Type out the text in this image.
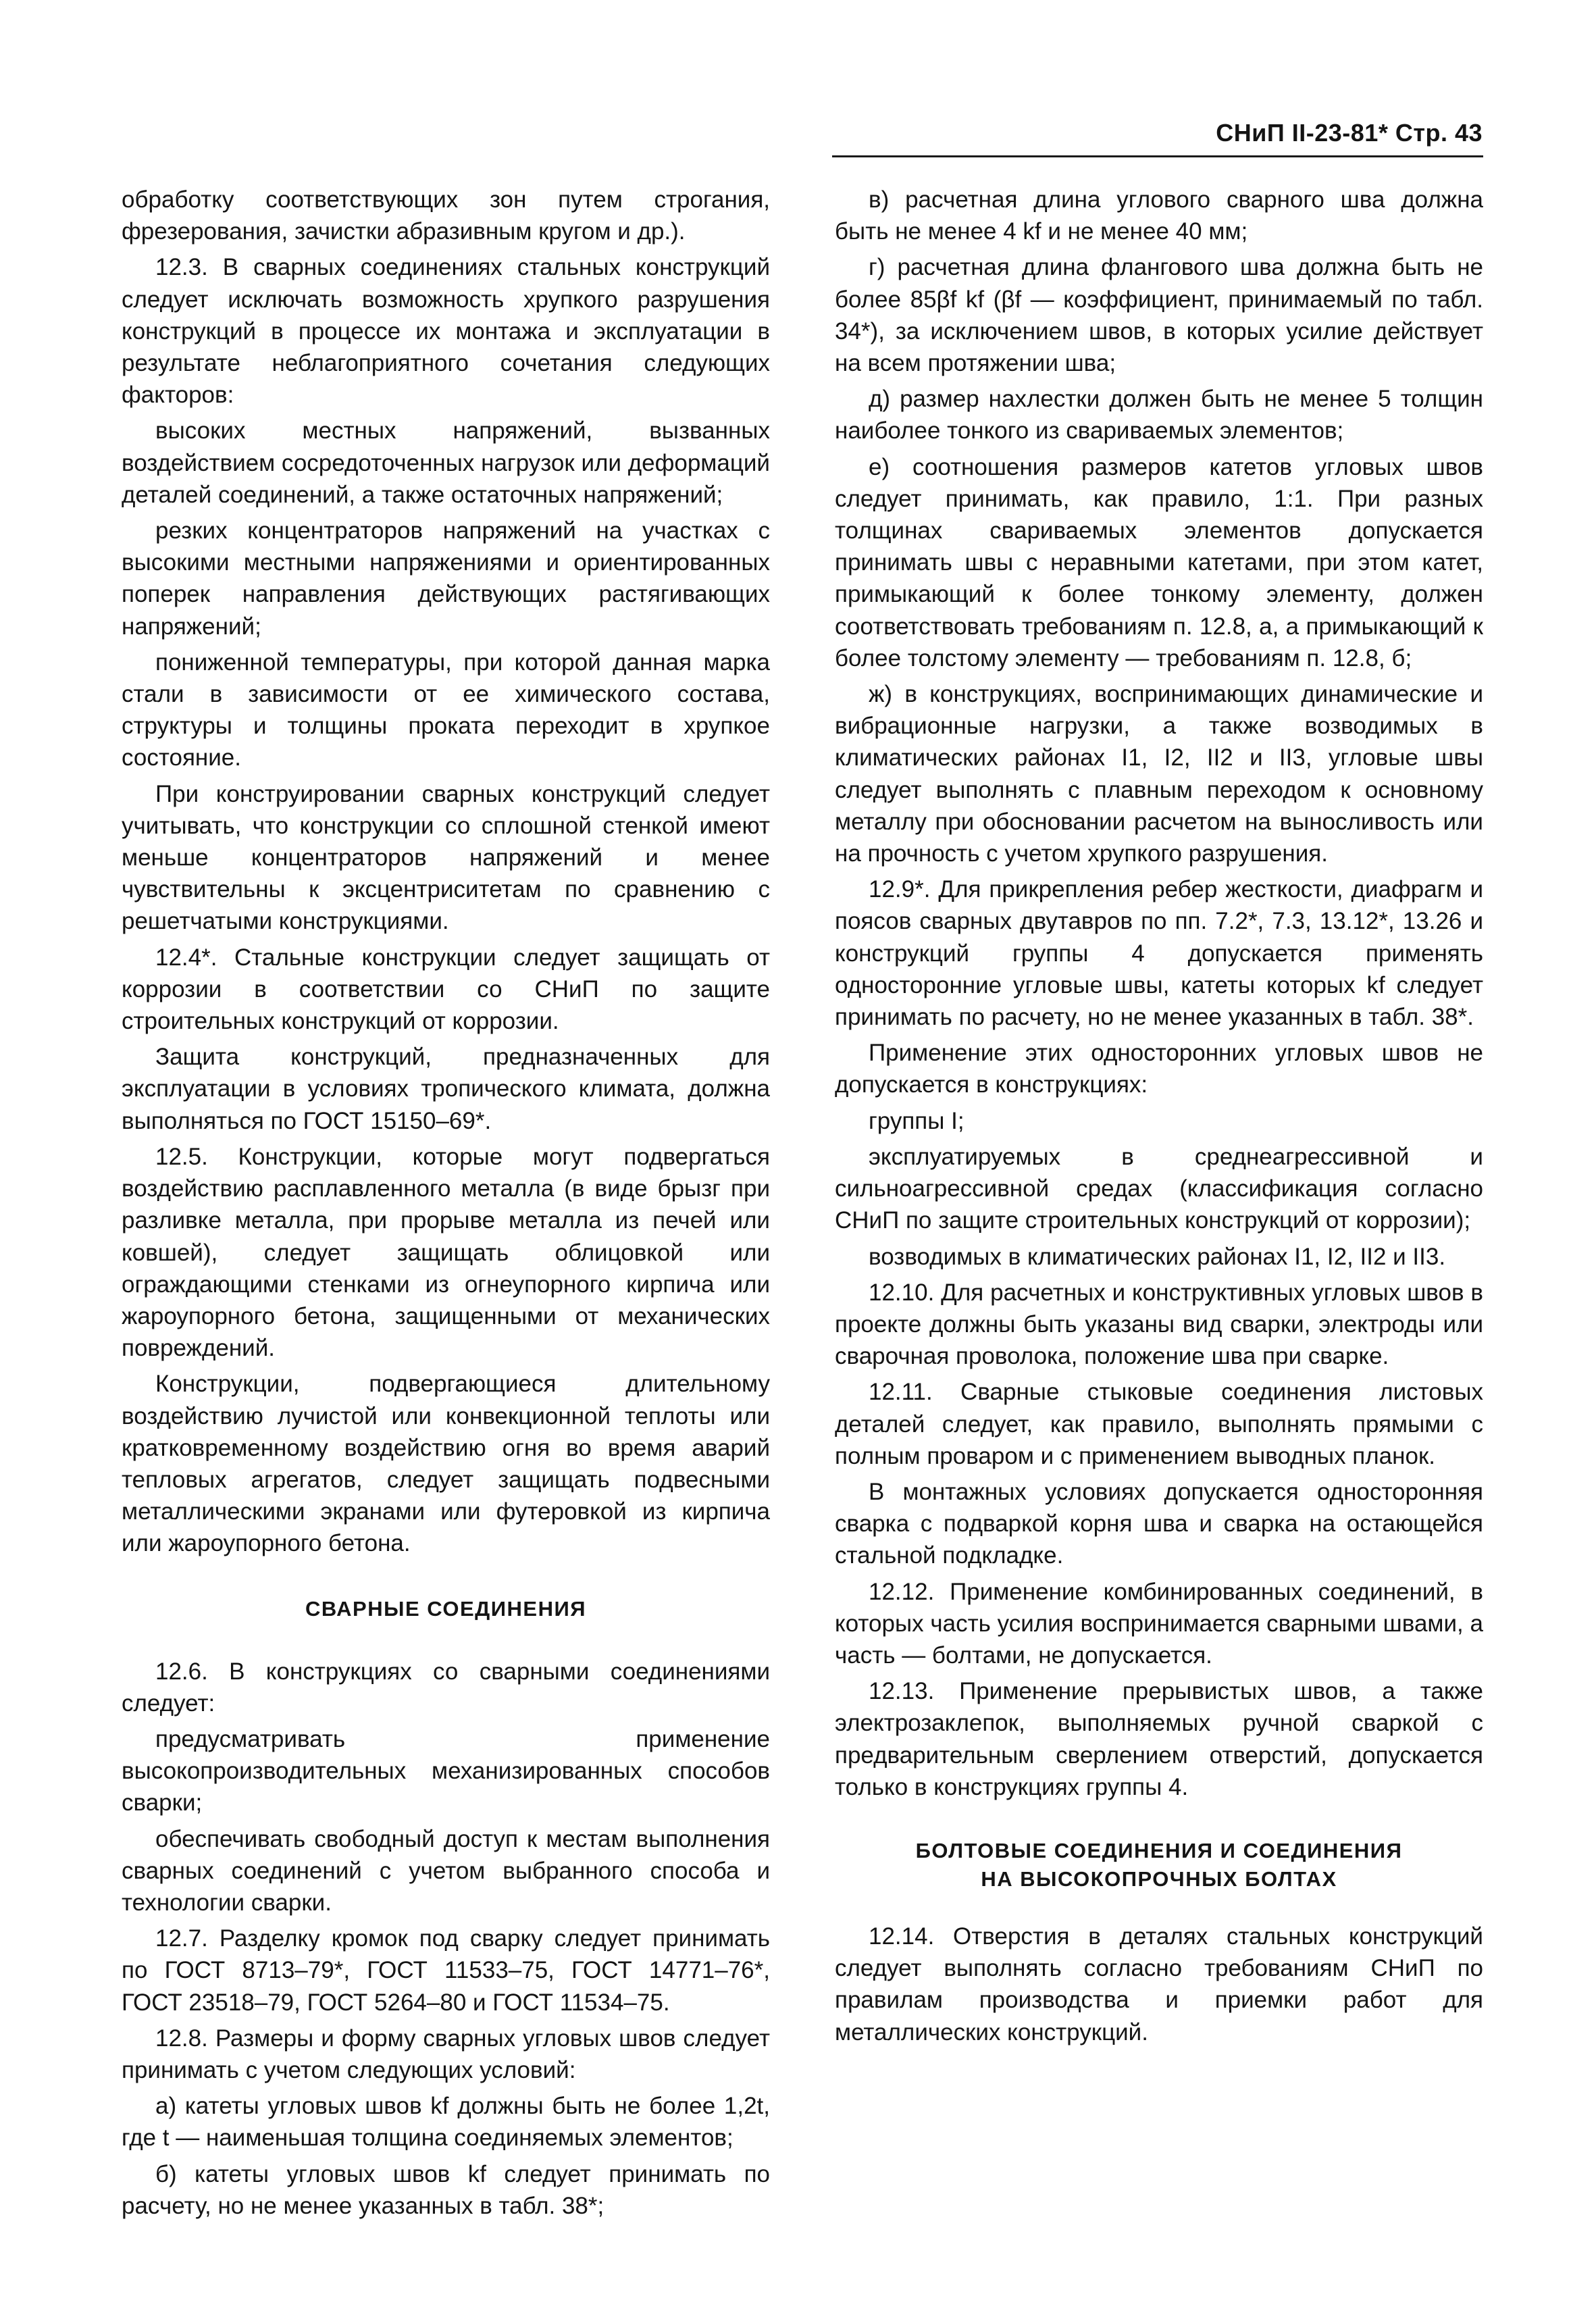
СНиП II-23-81* Стр. 43

обработку соответствующих зон путем строгания, фрезерования, зачистки абразивным кругом и др.).

12.3. В сварных соединениях стальных конструкций следует исключать возможность хрупкого разрушения конструкций в процессе их монтажа и эксплуатации в результате неблагоприятного сочетания следующих факторов:

высоких местных напряжений, вызванных воздействием сосредоточенных нагрузок или деформаций деталей соединений, а также остаточных напряжений;

резких концентраторов напряжений на участках с высокими местными напряжениями и ориентированных поперек направления действующих растягивающих напряжений;

пониженной температуры, при которой данная марка стали в зависимости от ее химического состава, структуры и толщины проката переходит в хрупкое состояние.

При конструировании сварных конструкций следует учитывать, что конструкции со сплошной стенкой имеют меньше концентраторов напряжений и менее чувствительны к эксцентриситетам по сравнению с решетчатыми конструкциями.

12.4*. Стальные конструкции следует защищать от коррозии в соответствии со СНиП по защите строительных конструкций от коррозии.

Защита конструкций, предназначенных для эксплуатации в условиях тропического климата, должна выполняться по ГОСТ 15150–69*.

12.5. Конструкции, которые могут подвергаться воздействию расплавленного металла (в виде брызг при разливке металла, при прорыве металла из печей или ковшей), следует защищать облицовкой или ограждающими стенками из огнеупорного кирпича или жароупорного бетона, защищенными от механических повреждений.

Конструкции, подвергающиеся длительному воздействию лучистой или конвекционной теплоты или кратковременному воздействию огня во время аварий тепловых агрегатов, следует защищать подвесными металлическими экранами или футеровкой из кирпича или жароупорного бетона.

СВАРНЫЕ СОЕДИНЕНИЯ

12.6. В конструкциях со сварными соединениями следует:

предусматривать применение высокопроизводительных механизированных способов сварки;

обеспечивать свободный доступ к местам выполнения сварных соединений с учетом выбранного способа и технологии сварки.

12.7. Разделку кромок под сварку следует принимать по ГОСТ 8713–79*, ГОСТ 11533–75, ГОСТ 14771–76*, ГОСТ 23518–79, ГОСТ 5264–80 и ГОСТ 11534–75.

12.8. Размеры и форму сварных угловых швов следует принимать с учетом следующих условий:

а) катеты угловых швов kf должны быть не более 1,2t, где t — наименьшая толщина соединяемых элементов;

б) катеты угловых швов kf следует принимать по расчету, но не менее указанных в табл. 38*;

в) расчетная длина углового сварного шва должна быть не менее 4 kf и не менее 40 мм;

г) расчетная длина флангового шва должна быть не более 85βf kf (βf — коэффициент, принимаемый по табл. 34*), за исключением швов, в которых усилие действует на всем протяжении шва;

д) размер нахлестки должен быть не менее 5 толщин наиболее тонкого из свариваемых элементов;

е) соотношения размеров катетов угловых швов следует принимать, как правило, 1:1. При разных толщинах свариваемых элементов допускается принимать швы с неравными катетами, при этом катет, примыкающий к более тонкому элементу, должен соответствовать требованиям п. 12.8, а, а примыкающий к более толстому элементу — требованиям п. 12.8, б;

ж) в конструкциях, воспринимающих динамические и вибрационные нагрузки, а также возводимых в климатических районах I1, I2, II2 и II3, угловые швы следует выполнять с плавным переходом к основному металлу при обосновании расчетом на выносливость или на прочность с учетом хрупкого разрушения.

12.9*. Для прикрепления ребер жесткости, диафрагм и поясов сварных двутавров по пп. 7.2*, 7.3, 13.12*, 13.26 и конструкций группы 4 допускается применять односторонние угловые швы, катеты которых kf следует принимать по расчету, но не менее указанных в табл. 38*.

Применение этих односторонних угловых швов не допускается в конструкциях:

группы I;

эксплуатируемых в среднеагрессивной и сильноагрессивной средах (классификация согласно СНиП по защите строительных конструкций от коррозии);

возводимых в климатических районах I1, I2, II2 и II3.

12.10. Для расчетных и конструктивных угловых швов в проекте должны быть указаны вид сварки, электроды или сварочная проволока, положение шва при сварке.

12.11. Сварные стыковые соединения листовых деталей следует, как правило, выполнять прямыми с полным проваром и с применением выводных планок.

В монтажных условиях допускается односторонняя сварка с подваркой корня шва и сварка на остающейся стальной подкладке.

12.12. Применение комбинированных соединений, в которых часть усилия воспринимается сварными швами, а часть — болтами, не допускается.

12.13. Применение прерывистых швов, а также электрозаклепок, выполняемых ручной сваркой с предварительным сверлением отверстий, допускается только в конструкциях группы 4.

БОЛТОВЫЕ СОЕДИНЕНИЯ И СОЕДИНЕНИЯ
НА ВЫСОКОПРОЧНЫХ БОЛТАХ

12.14. Отверстия в деталях стальных конструкций следует выполнять согласно требованиям СНиП по правилам производства и приемки работ для металлических конструкций.
